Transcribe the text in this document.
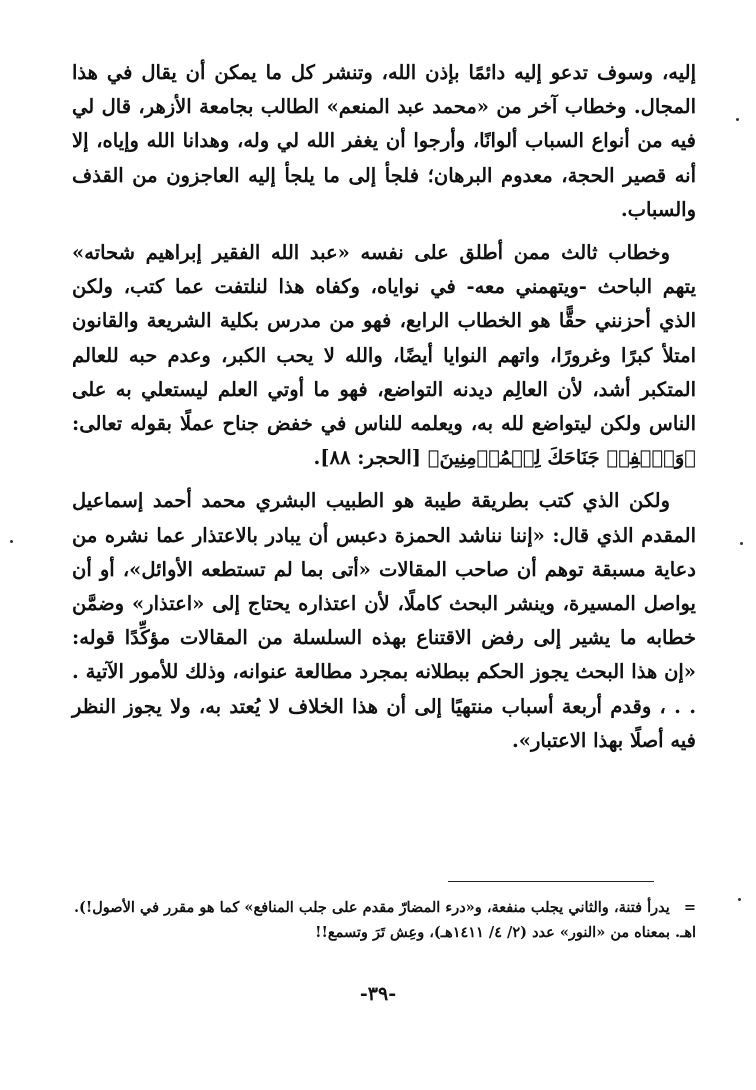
إليه، وسوف تدعو إليه دائمًا بإذن الله، وتنشر كل ما يمكن أن يقال في هذا المجال. وخطاب آخر من «محمد عبد المنعم» الطالب بجامعة الأزهر، قال لي فيه من أنواع السباب ألوانًا، وأرجوا أن يغفر الله لي وله، وهدانا الله وإياه، إلا أنه قصير الحجة، معدوم البرهان؛ فلجأ إلى ما يلجأ إليه العاجزون من القذف والسباب.

وخطاب ثالث ممن أطلق على نفسه «عبد الله الفقير إبراهيم شحاته» يتهم الباحث -ويتهمني معه- في نواياه، وكفاه هذا لنلتفت عما كتب، ولكن الذي أحزنني حقًّا هو الخطاب الرابع، فهو من مدرس بكلية الشريعة والقانون امتلأ كبرًا وغرورًا، واتهم النوايا أيضًا، والله لا يحب الكبر، وعدم حبه للعالم المتكبر أشد، لأن العالِم ديدنه التواضع، فهو ما أوتي العلم ليستعلي به على الناس ولكن ليتواضع لله به، ويعلمه للناس في خفض جناح عملًا بقوله تعالى: ﴿وَٱخۡفِضۡ جَنَاحَكَ لِلۡمُؤۡمِنِينَ﴾ [الحجر: ٨٨].

ولكن الذي كتب بطريقة طيبة هو الطبيب البشري محمد أحمد إسماعيل المقدم الذي قال: «إننا نناشد الحمزة دعبس أن يبادر بالاعتذار عما نشره من دعاية مسبقة توهم أن صاحب المقالات «أتى بما لم تستطعه الأوائل»، أو أن يواصل المسيرة، وينشر البحث كاملًا، لأن اعتذاره يحتاج إلى «اعتذار» وضمَّن خطابه ما يشير إلى رفض الاقتناع بهذه السلسلة من المقالات مؤكِّدًا قوله: «إن هذا البحث يجوز الحكم ببطلانه بمجرد مطالعة عنوانه، وذلك للأمور الآتية . . . ، وقدم أربعة أسباب منتهيًا إلى أن هذا الخلاف لا يُعتد به، ولا يجوز النظر فيه أصلًا بهذا الاعتبار».

=يدرأ فتنة، والثاني يجلب منفعة، و«درء المضارّ مقدم على جلب المنافع» كما هو مقرر في الأصول!). اهـ. بمعناه من «النور» عدد (٢/ ٤/ ١٤١١هـ)، وعِش تَرَ وتسمع!!
-٣٩-
